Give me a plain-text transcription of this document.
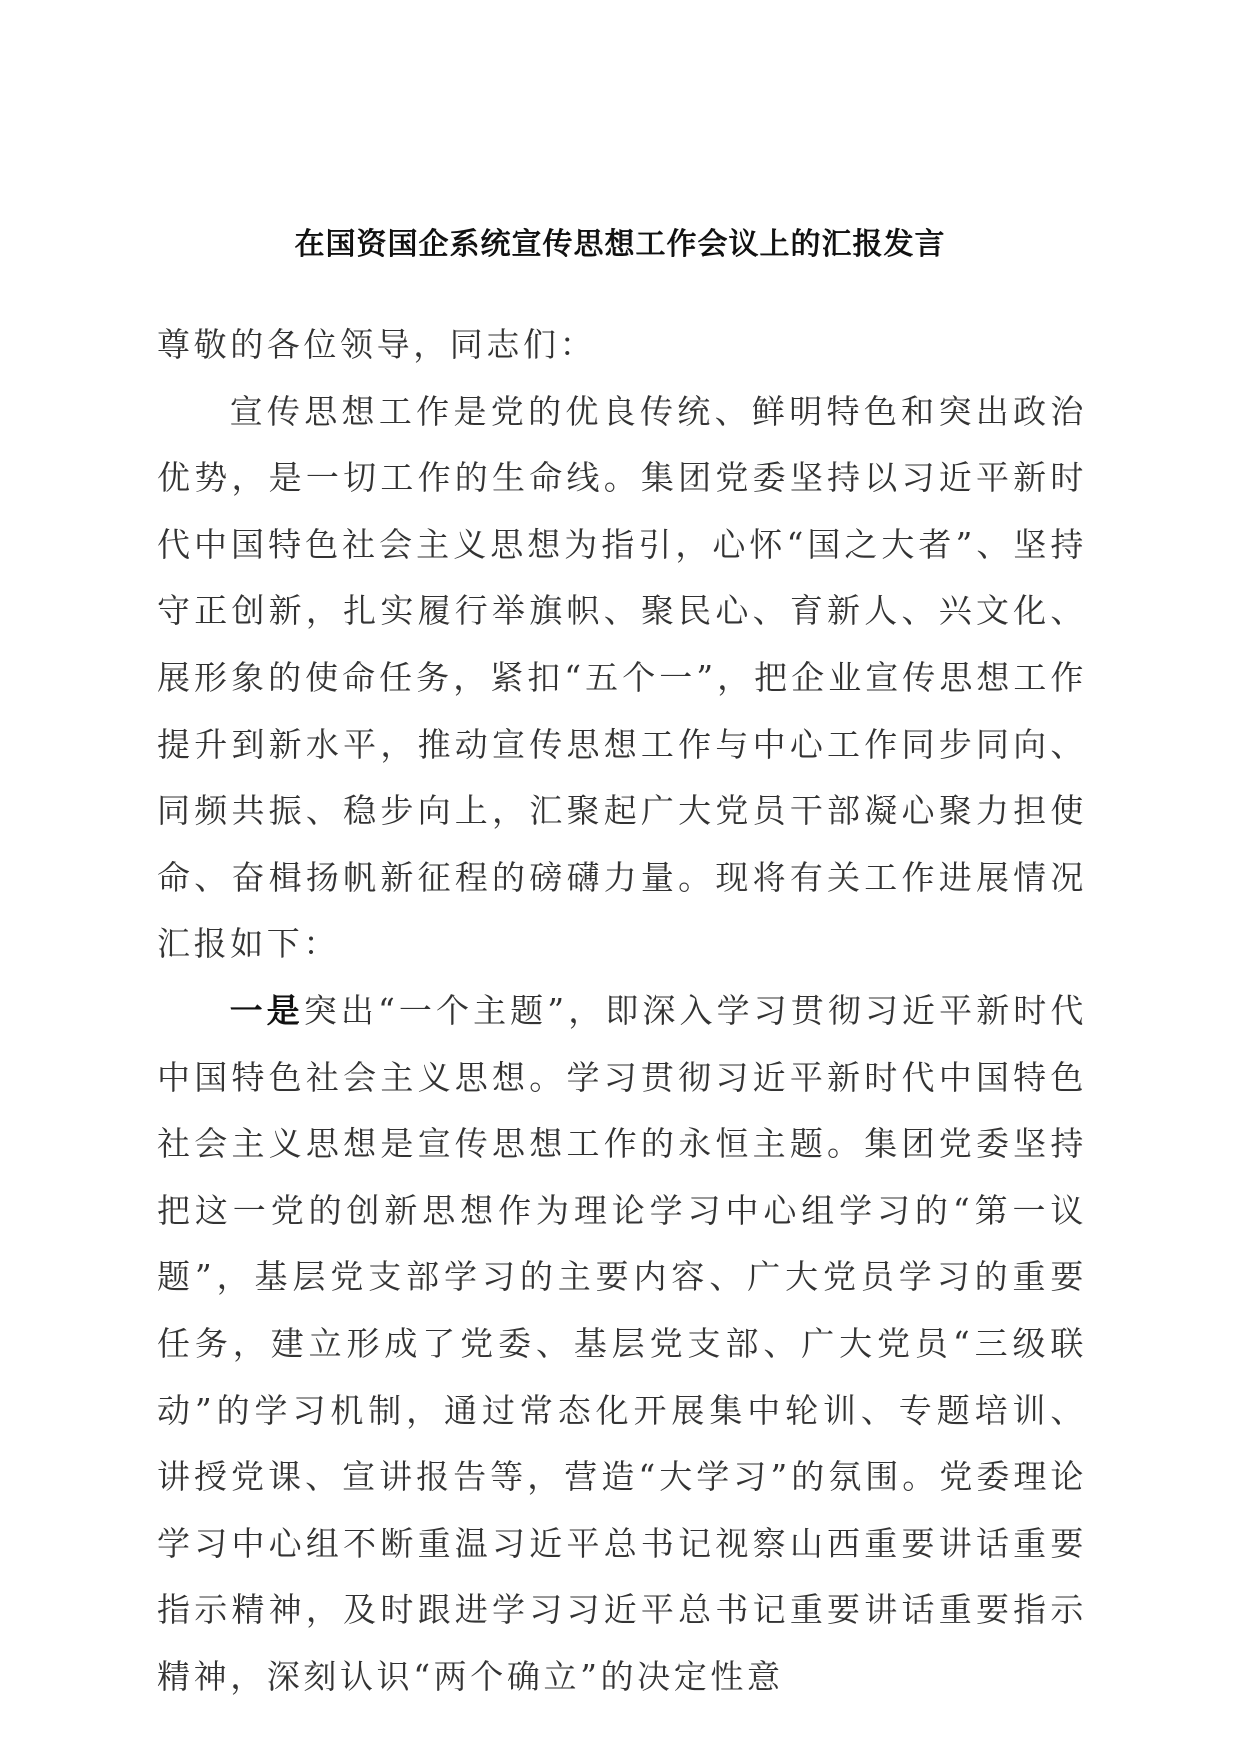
在国资国企系统宣传思想工作会议上的汇报发言

尊敬的各位领导，同志们：

宣传思想工作是党的优良传统、鲜明特色和突出政治优势，是一切工作的生命线。集团党委坚持以习近平新时代中国特色社会主义思想为指引，心怀“国之大者”、坚持守正创新，扎实履行举旗帜、聚民心、育新人、兴文化、展形象的使命任务，紧扣“五个一”，把企业宣传思想工作提升到新水平，推动宣传思想工作与中心工作同步同向、同频共振、稳步向上，汇聚起广大党员干部凝心聚力担使命、奋楫扬帆新征程的磅礴力量。现将有关工作进展情况汇报如下：

一是突出“一个主题”，即深入学习贯彻习近平新时代中国特色社会主义思想。学习贯彻习近平新时代中国特色社会主义思想是宣传思想工作的永恒主题。集团党委坚持把这一党的创新思想作为理论学习中心组学习的“第一议题”，基层党支部学习的主要内容、广大党员学习的重要任务，建立形成了党委、基层党支部、广大党员“三级联动”的学习机制，通过常态化开展集中轮训、专题培训、讲授党课、宣讲报告等，营造“大学习”的氛围。党委理论学习中心组不断重温习近平总书记视察山西重要讲话重要指示精神，及时跟进学习习近平总书记重要讲话重要指示精神，深刻认识“两个确立”的决定性意
